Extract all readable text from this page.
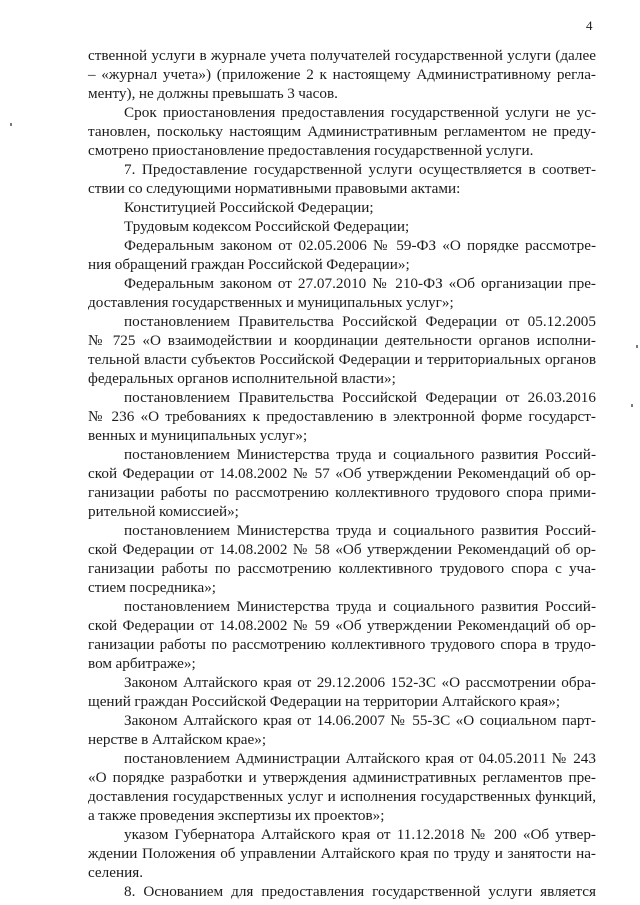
4
ственной услуги в журнале учета получателей государственной услуги (далее
– «журнал учета») (приложение 2 к настоящему Административному регла-
менту), не должны превышать 3 часов.
Срок приостановления предоставления государственной услуги не ус-
тановлен, поскольку настоящим Административным регламентом не преду-
смотрено приостановление предоставления государственной услуги.
7. Предоставление государственной услуги осуществляется в соответ-
ствии со следующими нормативными правовыми актами:
Конституцией Российской Федерации;
Трудовым кодексом Российской Федерации;
Федеральным законом от 02.05.2006 № 59-ФЗ «О порядке рассмотре-
ния обращений граждан Российской Федерации»;
Федеральным законом от 27.07.2010 № 210-ФЗ «Об организации пре-
доставления государственных и муниципальных услуг»;
постановлением Правительства Российской Федерации от 05.12.2005
№ 725 «О взаимодействии и координации деятельности органов исполни-
тельной власти субъектов Российской Федерации и территориальных органов
федеральных органов исполнительной власти»;
постановлением Правительства Российской Федерации от 26.03.2016
№ 236 «О требованиях к предоставлению в электронной форме государст-
венных и муниципальных услуг»;
постановлением Министерства труда и социального развития Россий-
ской Федерации от 14.08.2002 № 57 «Об утверждении Рекомендаций об ор-
ганизации работы по рассмотрению коллективного трудового спора прими-
рительной комиссией»;
постановлением Министерства труда и социального развития Россий-
ской Федерации от 14.08.2002 № 58 «Об утверждении Рекомендаций об ор-
ганизации работы по рассмотрению коллективного трудового спора с уча-
стием посредника»;
постановлением Министерства труда и социального развития Россий-
ской Федерации от 14.08.2002 № 59 «Об утверждении Рекомендаций об ор-
ганизации работы по рассмотрению коллективного трудового спора в трудо-
вом арбитраже»;
Законом Алтайского края от 29.12.2006 152-ЗС «О рассмотрении обра-
щений граждан Российской Федерации на территории Алтайского края»;
Законом Алтайского края от 14.06.2007 № 55-ЗС «О социальном парт-
нерстве в Алтайском крае»;
постановлением Администрации Алтайского края от 04.05.2011 № 243
«О порядке разработки и утверждения административных регламентов пре-
доставления государственных услуг и исполнения государственных функций,
а также проведения экспертизы их проектов»;
указом Губернатора Алтайского края от 11.12.2018 № 200 «Об утвер-
ждении Положения об управлении Алтайского края по труду и занятости на-
селения.
8. Основанием для предоставления государственной услуги является
